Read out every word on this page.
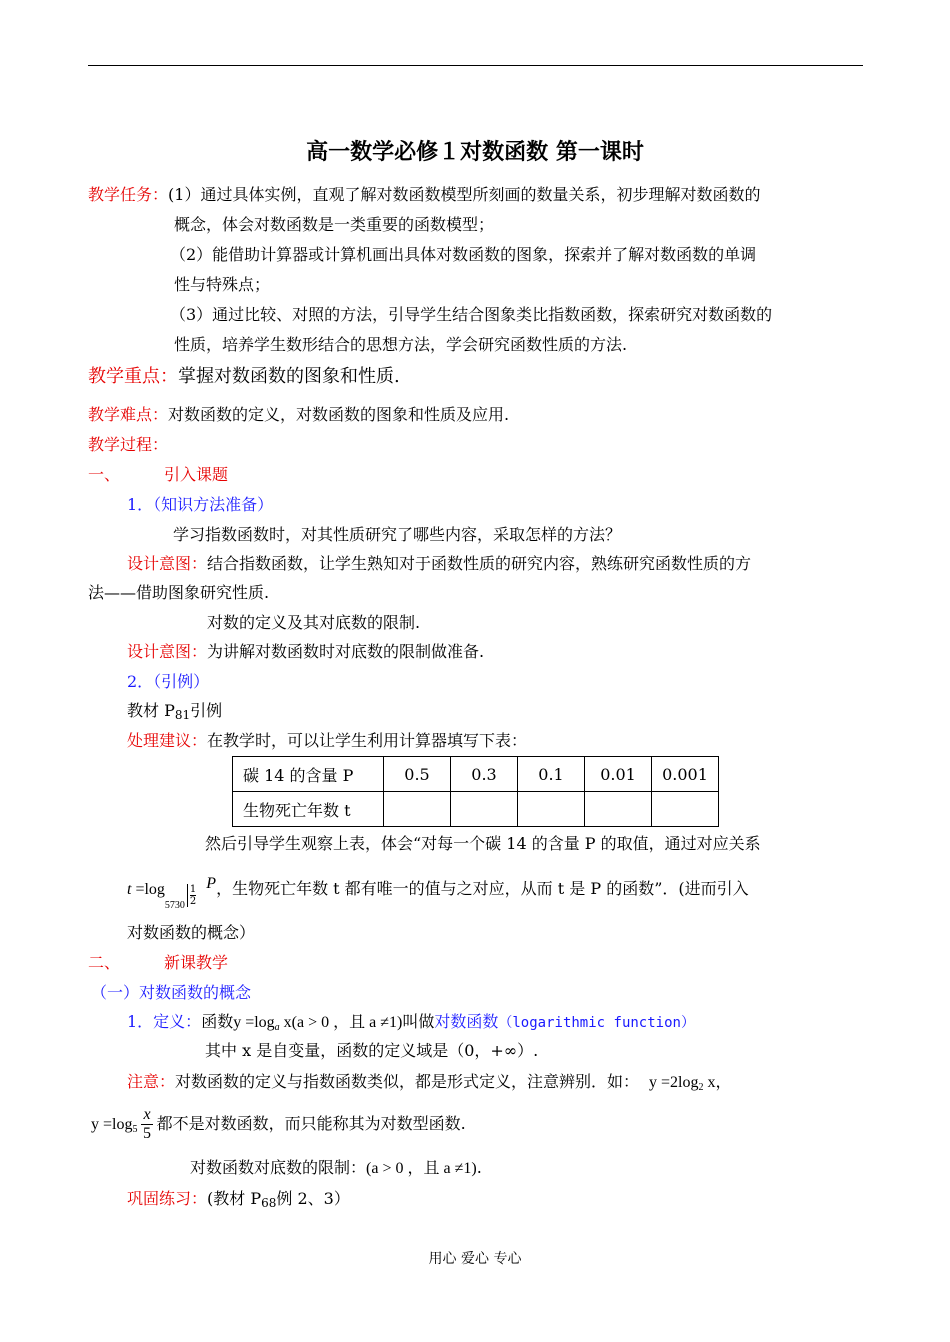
高一数学必修１对数函数 第一课时
教学任务：(1）通过具体实例，直观了解对数函数模型所刻画的数量关系，初步理解对数函数的
概念，体会对数函数是一类重要的函数模型；
（2）能借助计算器或计算机画出具体对数函数的图象，探索并了解对数函数的单调
性与特殊点；
（3）通过比较、对照的方法，引导学生结合图象类比指数函数，探索研究对数函数的
性质，培养学生数形结合的思想方法，学会研究函数性质的方法.
教学重点：掌握对数函数的图象和性质.
教学难点：对数函数的定义，对数函数的图象和性质及应用.
教学过程：
一、	引入课题
1．（知识方法准备）
学习指数函数时，对其性质研究了哪些内容，采取怎样的方法？
设计意图：结合指数函数，让学生熟知对于函数性质的研究内容，熟练研究函数性质的方
法——借助图象研究性质.
对数的定义及其对底数的限制.
设计意图：为讲解对数函数时对底数的限制做准备.
2．（引例）
教材 P81引例
处理建议：在教学时，可以让学生利用计算器填写下表：
碳 14 的含量 P	0.5	0.3	0.1	0.01	0.001
生物死亡年数 t					
然后引导学生观察上表，体会“对每一个碳 14 的含量 P 的取值，通过对应关系
$t =\log_{5730} \frac{1}{2}$
P，生物死亡年数 t 都有唯一的值与之对应，从而 t 是 P 的函数”．(进而引入
对数函数的概念）
二、	新课教学
（一）对数函数的概念
1．定义：函数y =loga x(a > 0 ，且 a ≠1)叫做对数函数（logarithmic function）
其中 x 是自变量，函数的定义域是（0，+∞）.
注意：对数函数的定义与指数函数类似，都是形式定义，注意辨别．如： y =2log2 x，
$y =\log 5 \frac{x}{5}$ 都不是对数函数，而只能称其为对数型函数.
对数函数对底数的限制：(a > 0 ，且 a ≠1).
巩固练习：(教材 P68例 2、3）
用心 爱心 专心
